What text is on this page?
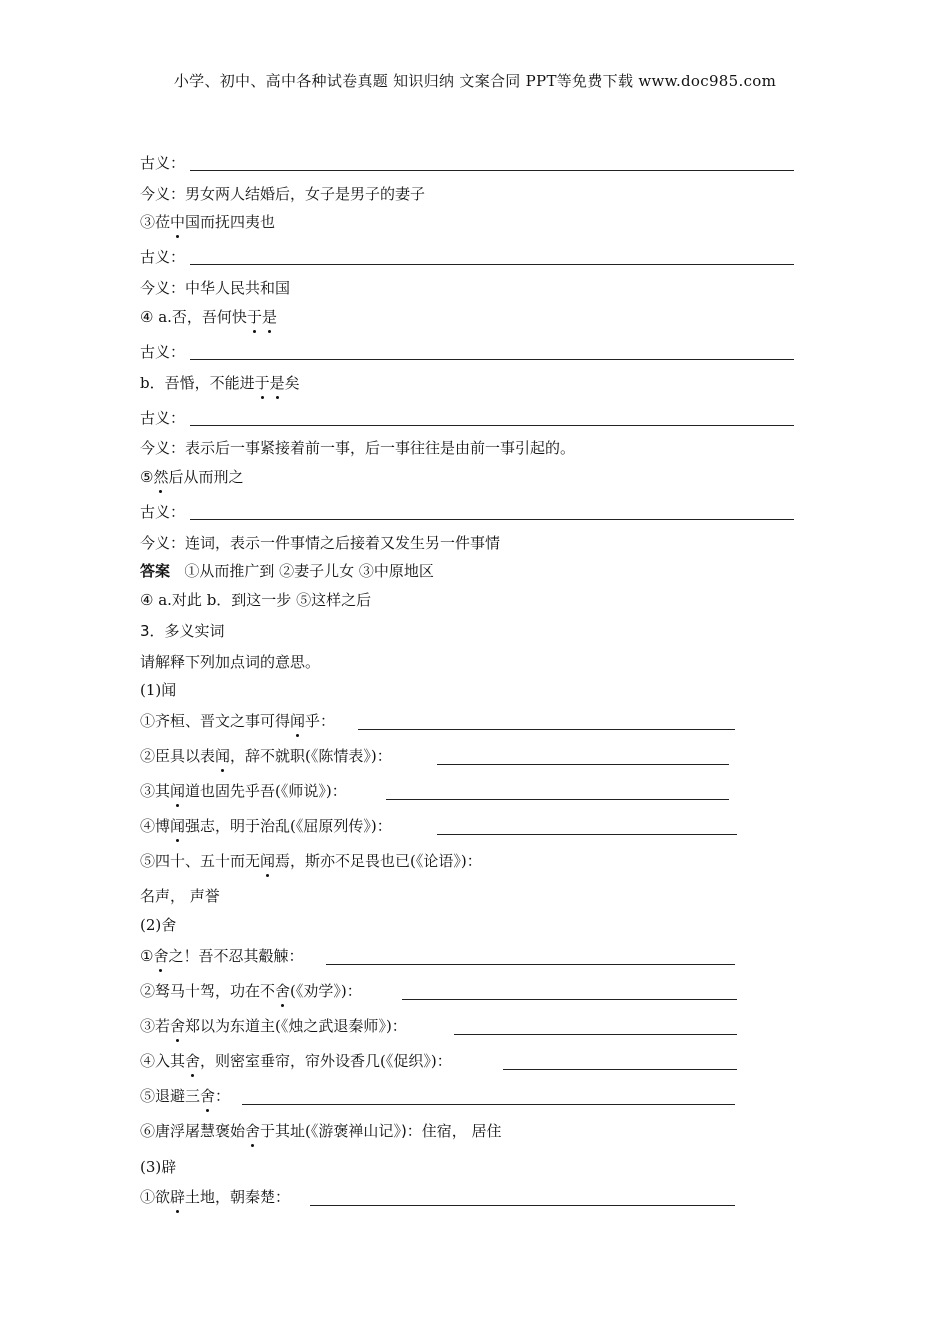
小学、初中、高中各种试卷真题 知识归纳 文案合同 PPT等免费下载 www.doc985.com
古义：
今义：男女两人结婚后，女子是男子的妻子
③莅中国而抚四夷也
古义：
今义：中华人民共和国
④ a.否，吾何快于是
古义：
b．吾惛，不能进于是矣
古义：
今义：表示后一事紧接着前一事，后一事往往是由前一事引起的。
⑤然后从而刑之
古义：
今义：连词，表示一件事情之后接着又发生另一件事情
答案 ①从而推广到 ②妻子儿女 ③中原地区
④ a.对此 b．到这一步 ⑤这样之后
3．多义实词
请解释下列加点词的意思。
(1)闻
①齐桓、晋文之事可得闻乎：
②臣具以表闻，辞不就职(《陈情表》)：
③其闻道也固先乎吾(《师说》)：
④博闻强志，明于治乱(《屈原列传》)：
⑤四十、五十而无闻焉，斯亦不足畏也已(《论语》)：
名声， 声誉
(2)舍
①舍之！吾不忍其觳觫：
②驽马十驾，功在不舍(《劝学》)：
③若舍郑以为东道主(《烛之武退秦师》)：
④入其舍，则密室垂帘，帘外设香几(《促织》)：
⑤退避三舍：
⑥唐浮屠慧褒始舍于其址(《游褒禅山记》)：住宿， 居住
(3)辟
①欲辟土地，朝秦楚：
